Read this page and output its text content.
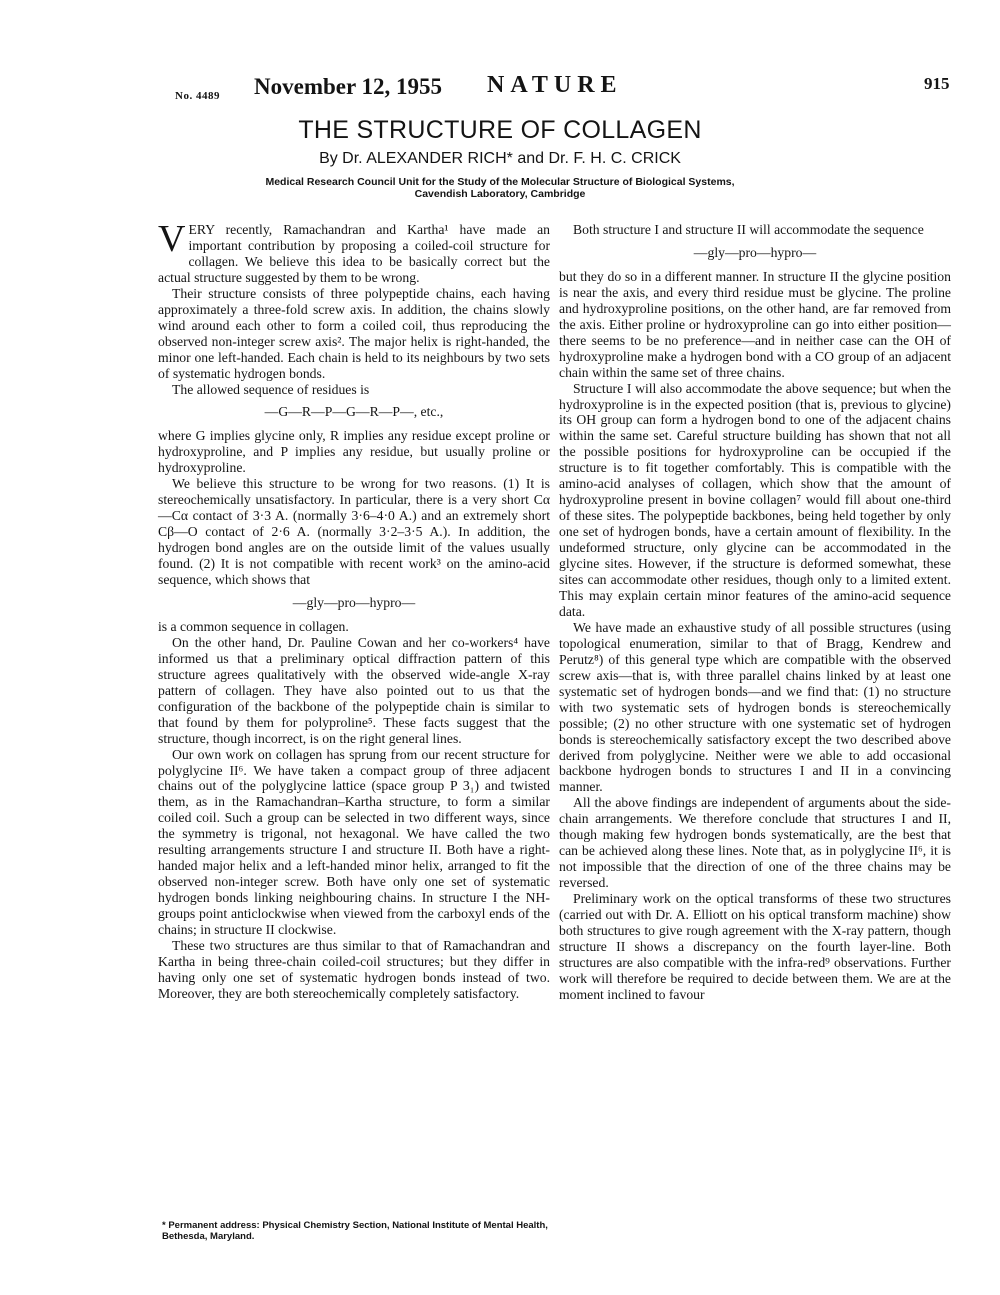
No. 4489 November 12, 1955 NATURE	915
THE STRUCTURE OF COLLAGEN
By Dr. ALEXANDER RICH* and Dr. F. H. C. CRICK
Medical Research Council Unit for the Study of the Molecular Structure of Biological Systems,
Cavendish Laboratory, Cambridge

VERY recently, Ramachandran and Kartha¹ have made an important contribution by proposing a coiled-coil structure for collagen. We believe this idea to be basically correct but the actual structure suggested by them to be wrong.

Their structure consists of three polypeptide chains, each having approximately a three-fold screw axis. In addition, the chains slowly wind around each other to form a coiled coil, thus reproducing the observed non-integer screw axis². The major helix is right-handed, the minor one left-handed. Each chain is held to its neighbours by two sets of systematic hydrogen bonds.

The allowed sequence of residues is

—G—R—P—G—R—P—, etc.,

where G implies glycine only, R implies any residue except proline or hydroxyproline, and P implies any residue, but usually proline or hydroxyproline.

We believe this structure to be wrong for two reasons. (1) It is stereochemically unsatisfactory. In particular, there is a very short Cα—Cα contact of 3·3 A. (normally 3·6–4·0 A.) and an extremely short Cβ—O contact of 2·6 A. (normally 3·2–3·5 A.). In addition, the hydrogen bond angles are on the outside limit of the values usually found. (2) It is not compatible with recent work³ on the amino-acid sequence, which shows that

—gly—pro—hypro—

is a common sequence in collagen.

On the other hand, Dr. Pauline Cowan and her co-workers⁴ have informed us that a preliminary optical diffraction pattern of this structure agrees qualitatively with the observed wide-angle X-ray pattern of collagen. They have also pointed out to us that the configuration of the backbone of the polypeptide chain is similar to that found by them for polyproline⁵. These facts suggest that the structure, though incorrect, is on the right general lines.

Our own work on collagen has sprung from our recent structure for polyglycine II⁶. We have taken a compact group of three adjacent chains out of the polyglycine lattice (space group P 3₁) and twisted them, as in the Ramachandran–Kartha structure, to form a similar coiled coil. Such a group can be selected in two different ways, since the symmetry is trigonal, not hexagonal. We have called the two resulting arrangements structure I and structure II. Both have a right-handed major helix and a left-handed minor helix, arranged to fit the observed non-integer screw. Both have only one set of systematic hydrogen bonds linking neighbouring chains. In structure I the NH-groups point anticlockwise when viewed from the carboxyl ends of the chains; in structure II clockwise.

These two structures are thus similar to that of Ramachandran and Kartha in being three-chain coiled-coil structures; but they differ in having only one set of systematic hydrogen bonds instead of two. Moreover, they are both stereochemically completely satisfactory.

* Permanent address: Physical Chemistry Section, National Institute of Mental Health, Bethesda, Maryland.

Both structure I and structure II will accommodate the sequence

—gly—pro—hypro—

but they do so in a different manner. In structure II the glycine position is near the axis, and every third residue must be glycine. The proline and hydroxyproline positions, on the other hand, are far removed from the axis. Either proline or hydroxyproline can go into either position—there seems to be no preference—and in neither case can the OH of hydroxyproline make a hydrogen bond with a CO group of an adjacent chain within the same set of three chains.

Structure I will also accommodate the above sequence; but when the hydroxyproline is in the expected position (that is, previous to glycine) its OH group can form a hydrogen bond to one of the adjacent chains within the same set. Careful structure building has shown that not all the possible positions for hydroxyproline can be occupied if the structure is to fit together comfortably. This is compatible with the amino-acid analyses of collagen, which show that the amount of hydroxyproline present in bovine collagen⁷ would fill about one-third of these sites. The polypeptide backbones, being held together by only one set of hydrogen bonds, have a certain amount of flexibility. In the undeformed structure, only glycine can be accommodated in the glycine sites. However, if the structure is deformed somewhat, these sites can accommodate other residues, though only to a limited extent. This may explain certain minor features of the amino-acid sequence data.

We have made an exhaustive study of all possible structures (using topological enumeration, similar to that of Bragg, Kendrew and Perutz⁸) of this general type which are compatible with the observed screw axis—that is, with three parallel chains linked by at least one systematic set of hydrogen bonds—and we find that: (1) no structure with two systematic sets of hydrogen bonds is stereochemically possible; (2) no other structure with one systematic set of hydrogen bonds is stereochemically satisfactory except the two described above derived from polyglycine. Neither were we able to add occasional backbone hydrogen bonds to structures I and II in a convincing manner.

All the above findings are independent of arguments about the side-chain arrangements. We therefore conclude that structures I and II, though making few hydrogen bonds systematically, are the best that can be achieved along these lines. Note that, as in polyglycine II⁶, it is not impossible that the direction of one of the three chains may be reversed.

Preliminary work on the optical transforms of these two structures (carried out with Dr. A. Elliott on his optical transform machine) show both structures to give rough agreement with the X-ray pattern, though structure II shows a discrepancy on the fourth layer-line. Both structures are also compatible with the infra-red⁹ observations. Further work will therefore be required to decide between them. We are at the moment inclined to favour
